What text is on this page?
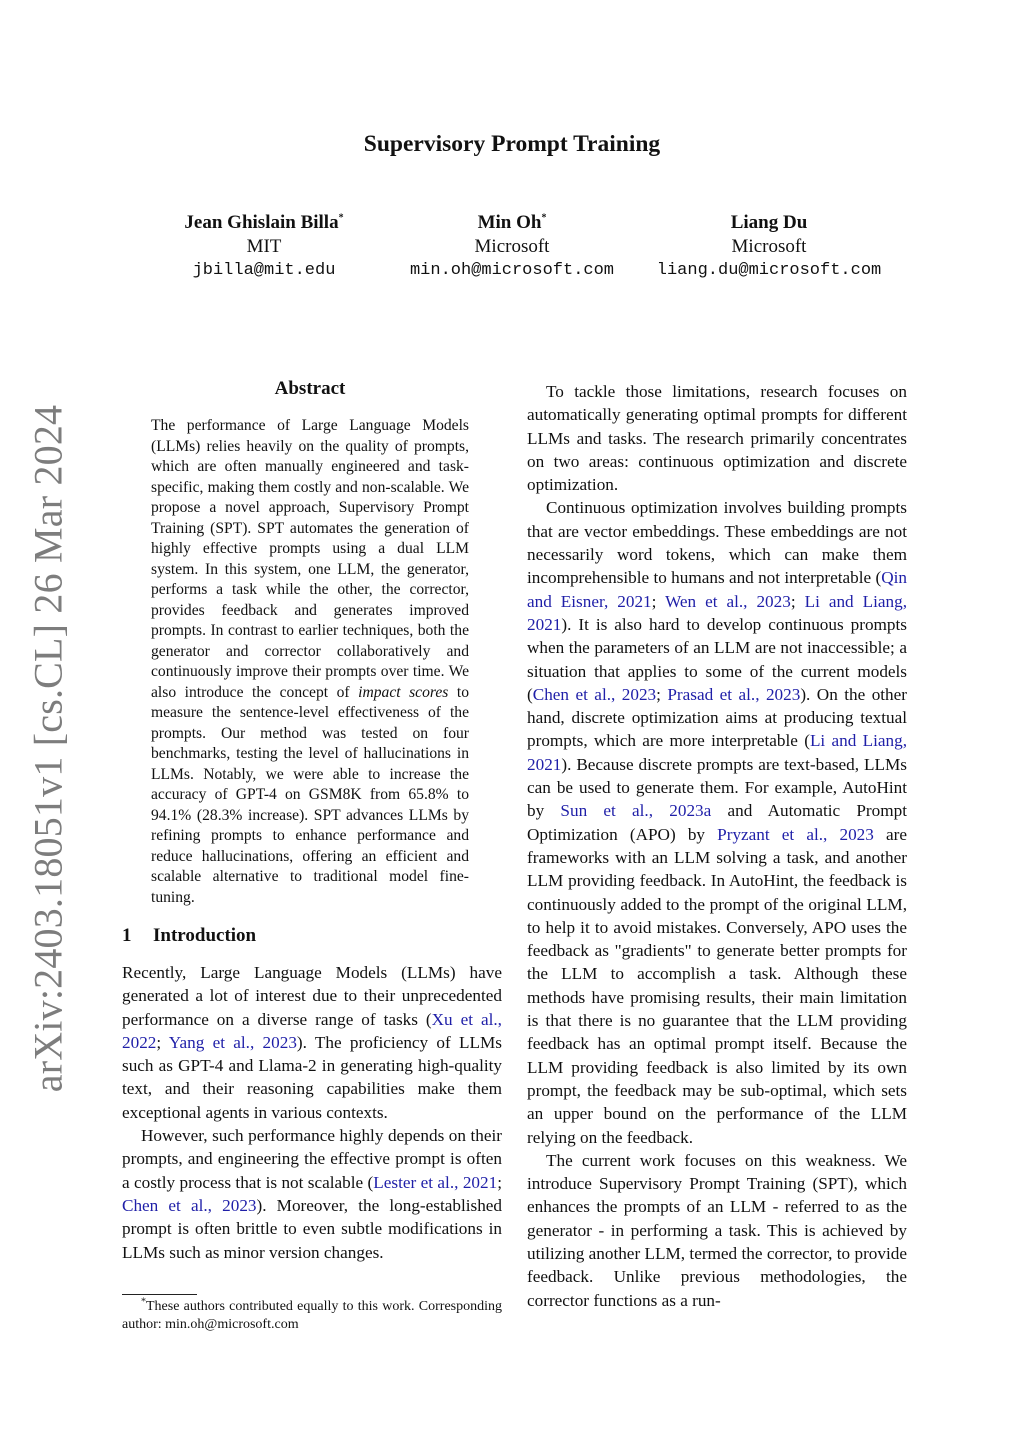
arXiv:2403.18051v1 [cs.CL] 26 Mar 2024
Supervisory Prompt Training
Jean Ghislain Billa*
MIT
jbilla@mit.edu
Min Oh*
Microsoft
min.oh@microsoft.com
Liang Du
Microsoft
liang.du@microsoft.com
Abstract
The performance of Large Language Models (LLMs) relies heavily on the quality of prompts, which are often manually engineered and task-specific, making them costly and non-scalable. We propose a novel approach, Supervisory Prompt Training (SPT). SPT automates the generation of highly effective prompts using a dual LLM system. In this system, one LLM, the generator, performs a task while the other, the corrector, provides feedback and generates improved prompts. In contrast to earlier techniques, both the generator and corrector collaboratively and continuously improve their prompts over time. We also introduce the concept of impact scores to measure the sentence-level effectiveness of the prompts. Our method was tested on four benchmarks, testing the level of hallucinations in LLMs. Notably, we were able to increase the accuracy of GPT-4 on GSM8K from 65.8% to 94.1% (28.3% increase). SPT advances LLMs by refining prompts to enhance performance and reduce hallucinations, offering an efficient and scalable alternative to traditional model fine-tuning.
1 Introduction

Recently, Large Language Models (LLMs) have generated a lot of interest due to their unprecedented performance on a diverse range of tasks (Xu et al., 2022; Yang et al., 2023). The proficiency of LLMs such as GPT-4 and Llama-2 in generating high-quality text, and their reasoning capabilities make them exceptional agents in various contexts.

However, such performance highly depends on their prompts, and engineering the effective prompt is often a costly process that is not scalable (Lester et al., 2021; Chen et al., 2023). Moreover, the long-established prompt is often brittle to even subtle modifications in LLMs such as minor version changes.

*These authors contributed equally to this work. Corresponding author: min.oh@microsoft.com

To tackle those limitations, research focuses on automatically generating optimal prompts for different LLMs and tasks. The research primarily concentrates on two areas: continuous optimization and discrete optimization.

Continuous optimization involves building prompts that are vector embeddings. These embeddings are not necessarily word tokens, which can make them incomprehensible to humans and not interpretable (Qin and Eisner, 2021; Wen et al., 2023; Li and Liang, 2021). It is also hard to develop continuous prompts when the parameters of an LLM are not inaccessible; a situation that applies to some of the current models (Chen et al., 2023; Prasad et al., 2023). On the other hand, discrete optimization aims at producing textual prompts, which are more interpretable (Li and Liang, 2021). Because discrete prompts are text-based, LLMs can be used to generate them. For example, AutoHint by Sun et al., 2023a and Automatic Prompt Optimization (APO) by Pryzant et al., 2023 are frameworks with an LLM solving a task, and another LLM providing feedback. In AutoHint, the feedback is continuously added to the prompt of the original LLM, to help it to avoid mistakes. Conversely, APO uses the feedback as "gradients" to generate better prompts for the LLM to accomplish a task. Although these methods have promising results, their main limitation is that there is no guarantee that the LLM providing feedback has an optimal prompt itself. Because the LLM providing feedback is also limited by its own prompt, the feedback may be sub-optimal, which sets an upper bound on the performance of the LLM relying on the feedback.

The current work focuses on this weakness. We introduce Supervisory Prompt Training (SPT), which enhances the prompts of an LLM - referred to as the generator - in performing a task. This is achieved by utilizing another LLM, termed the corrector, to provide feedback. Unlike previous methodologies, the corrector functions as a run-
